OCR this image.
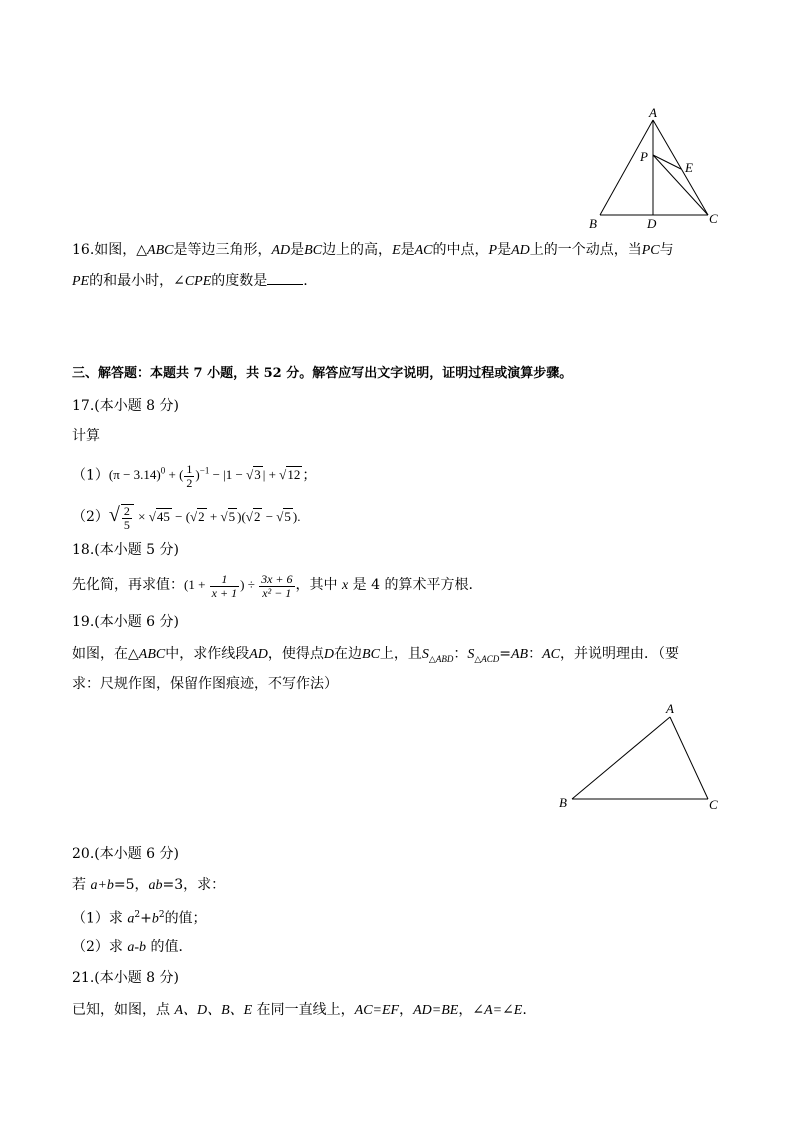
A
P
E
B	D	C
16.如图，△ABC是等边三角形，AD是BC边上的高，E是AC的中点，P是AD上的一个动点，当PC与
PE的和最小时，∠CPE的度数是	.
三、解答题：本题共 7 小题，共 52 分。解答应写出文字说明，证明过程或演算步骤。
17.(本小题 8 分)
计算
$(1)(\pi - 3.14)^0$ + ( $\frac{1}{2} )^{-1} - |1 - √3$ | + √12 ；
$(2)√ \frac{2}{5} \times √45 - (√2 + √5$ )(√2 − √5 ).
18.(本小题 5 分)
先化简，再求值：($1 + \frac{1}{x + 1}$ ) ÷ $\frac{3x + 6}{\text{x² − 1}}$ ，其中 x 是 4 的算术平方根.
19.(本小题 6 分)
如图，在△ABC中，求作线段AD，使得点D在边BC上，且$S_{\triangle ABD}$：$S_{\triangle ACD}=AB$：AC，并说明理由．（要
求：尺规作图，保留作图痕迹，不写作法）
A
B	C
20.(本小题 6 分)
若 a+b=5，ab=3，求：
（1）求 $a^2+b^2$的值；
（2）求 a-b 的值．
21.(本小题 8 分)
已知，如图，点 A、D、B、E 在同一直线上，AC=EF，AD=BE，∠A=∠E.
